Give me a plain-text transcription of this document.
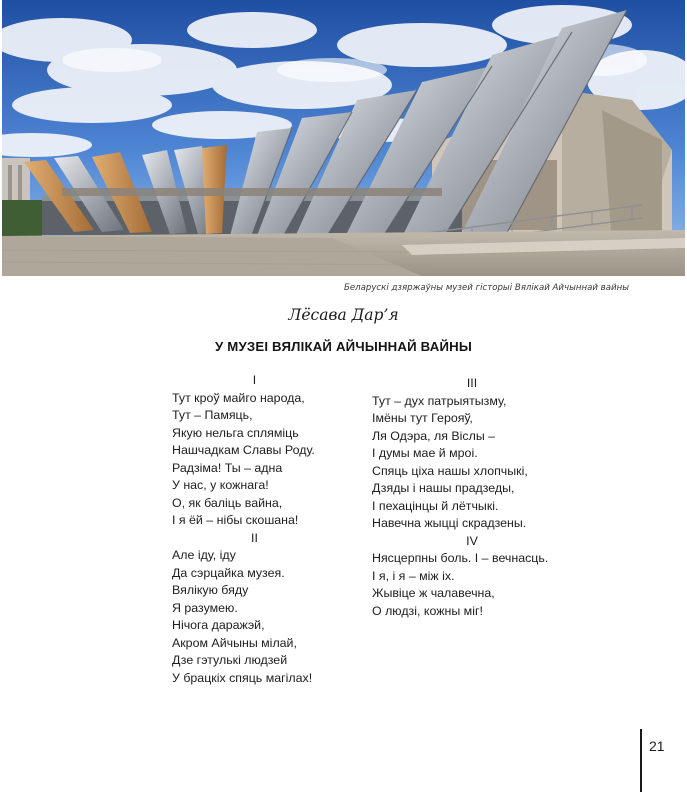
Беларускі дзяржаўны музей гісторыі Вялікай Айчыннай вайны
Лёсава Дар’я
У МУЗЕІ ВЯЛІКАЙ АЙЧЫННАЙ ВАЙНЫ
I
Тут кроў майго народа,
Тут – Памяць,
Якую нельга спляміць
Нашчадкам Славы Роду.
Радзіма! Ты – адна
У нас, у кожнага!
О, як баліць вайна,
І я ёй – нібы скошана!
II
Але іду, іду
Да сэрцайка музея.
Вялікую бяду
Я разумею.
Нічога даражэй,
Акром Айчыны мілай,
Дзе гэтулькі людзей
У брацкіх спяць магілах!
III
Тут – дух патрыятызму,
Імёны тут Герояў,
Ля Одэра, ля Віслы –
І думы мае й мроі.
Спяць ціха нашы хлопчыкі,
Дзяды і нашы прадзеды,
І пехацінцы й лётчыкі.
Навечна жыцці скрадзены.
IV
Нясцерпны боль. І – вечнасць.
І я, і я – між іх.
Жывіце ж чалавечна,
О людзі, кожны міг!
21
